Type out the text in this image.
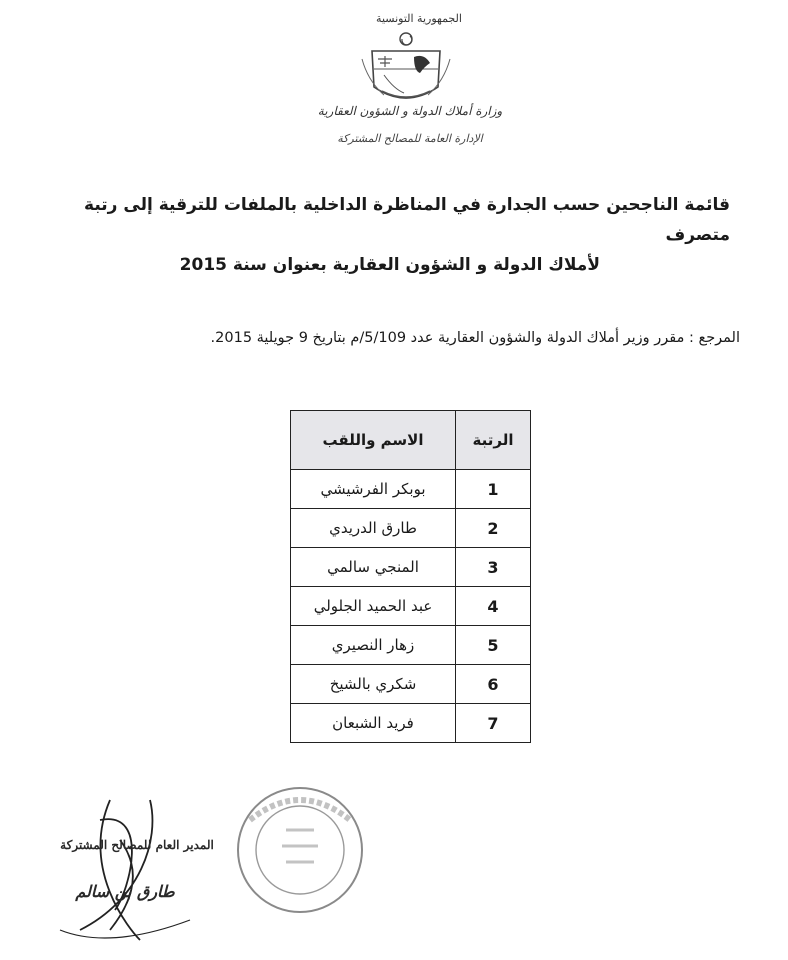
الجمهورية التونسية
وزارة أملاك الدولة و الشؤون العقارية
الإدارة العامة للمصالح المشتركة
قائمة الناجحين حسب الجدارة في المناظرة الداخلية بالملفات للترقية إلى رتبة متصرف
لأملاك الدولة و الشؤون العقارية بعنوان سنة 2015
المرجع : مقرر وزير أملاك الدولة والشؤون العقارية عدد 5/109/م بتاريخ 9 جويلية 2015.
الرتبة	الاسم واللقب
1	بوبكر الفرشيشي
2	طارق الدريدي
3	المنجي سالمي
4	عبد الحميد الجلولي
5	زهار النصيري
6	شكري بالشيخ
7	فريد الشبعان
المدير العام للمصالح المشتركة
طارق بن سالم
